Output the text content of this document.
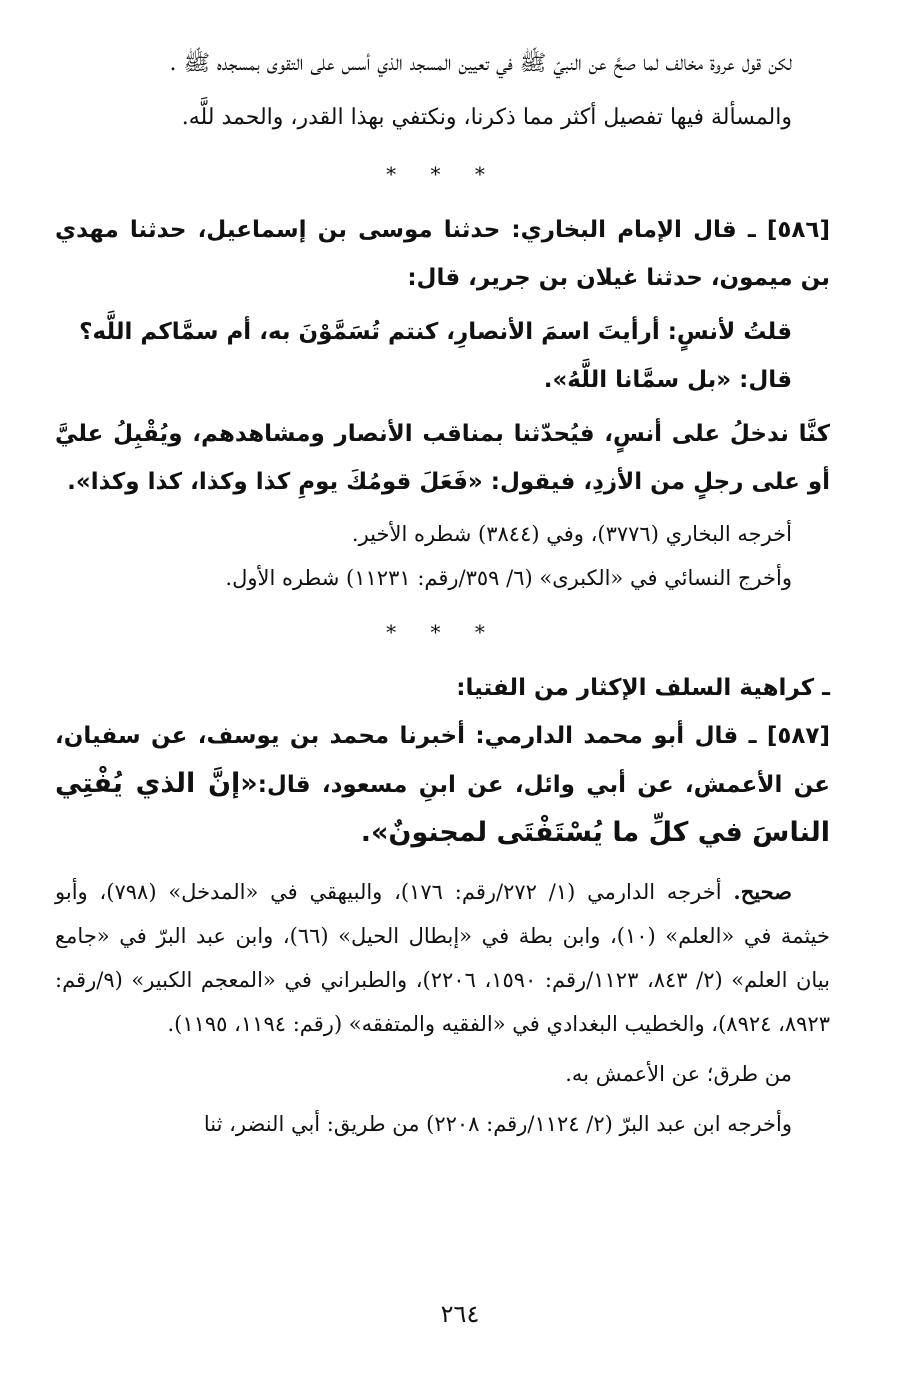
لكن قول عروة مخالف لما صحَّ عن النبيّ ﷺ في تعيين المسجد الذي أسس على التقوى بمسجده ﷺ .

والمسألة فيها تفصيل أكثر مما ذكرنا، ونكتفي بهذا القدر، والحمد للَّه.

* * *

[٥٨٦] ـ قال الإمام البخاري: حدثنا موسى بن إسماعيل، حدثنا مهدي بن ميمون، حدثنا غيلان بن جرير، قال:

قلتُ لأنسٍ: أرأيتَ اسمَ الأنصارِ، كنتم تُسَمَّوْنَ به، أم سمَّاكم اللَّه؟

قال: «بل سمَّانا اللَّهُ».

كنَّا ندخلُ على أنسٍ، فيُحدّثنا بمناقب الأنصار ومشاهدهم، ويُقْبِلُ عليَّ أو على رجلٍ من الأزدِ، فيقول: «فَعَلَ قومُكَ يومِ كذا وكذا، كذا وكذا».

أخرجه البخاري (٣٧٧٦)، وفي (٣٨٤٤) شطره الأخير.

وأخرج النسائي في «الكبرى» (٦/ ٣٥٩/رقم: ١١٢٣١) شطره الأول.

* * *

ـ كراهية السلف الإكثار من الفتيا:

[٥٨٧] ـ قال أبو محمد الدارمي: أخبرنا محمد بن يوسف، عن سفيان، عن الأعمش، عن أبي وائل، عن ابنِ مسعود، قال:«إنَّ الذي يُفْتِي الناسَ في كلِّ ما يُسْتَفْتَى لمجنونٌ».

صحيح. أخرجه الدارمي (١/ ٢٧٢/رقم: ١٧٦)، والبيهقي في «المدخل» (٧٩٨)، وأبو خيثمة في «العلم» (١٠)، وابن بطة في «إبطال الحيل» (٦٦)، وابن عبد البرّ في «جامع بيان العلم» (٢/ ٨٤٣، ١١٢٣/رقم: ١٥٩٠، ٢٢٠٦)، والطبراني في «المعجم الكبير» (٩/رقم: ٨٩٢٣، ٨٩٢٤)، والخطيب البغدادي في «الفقيه والمتفقه» (رقم: ١١٩٤، ١١٩٥).

من طرق؛ عن الأعمش به.

وأخرجه ابن عبد البرّ (٢/ ١١٢٤/رقم: ٢٢٠٨) من طريق: أبي النضر، ثنا

٢٦٤
